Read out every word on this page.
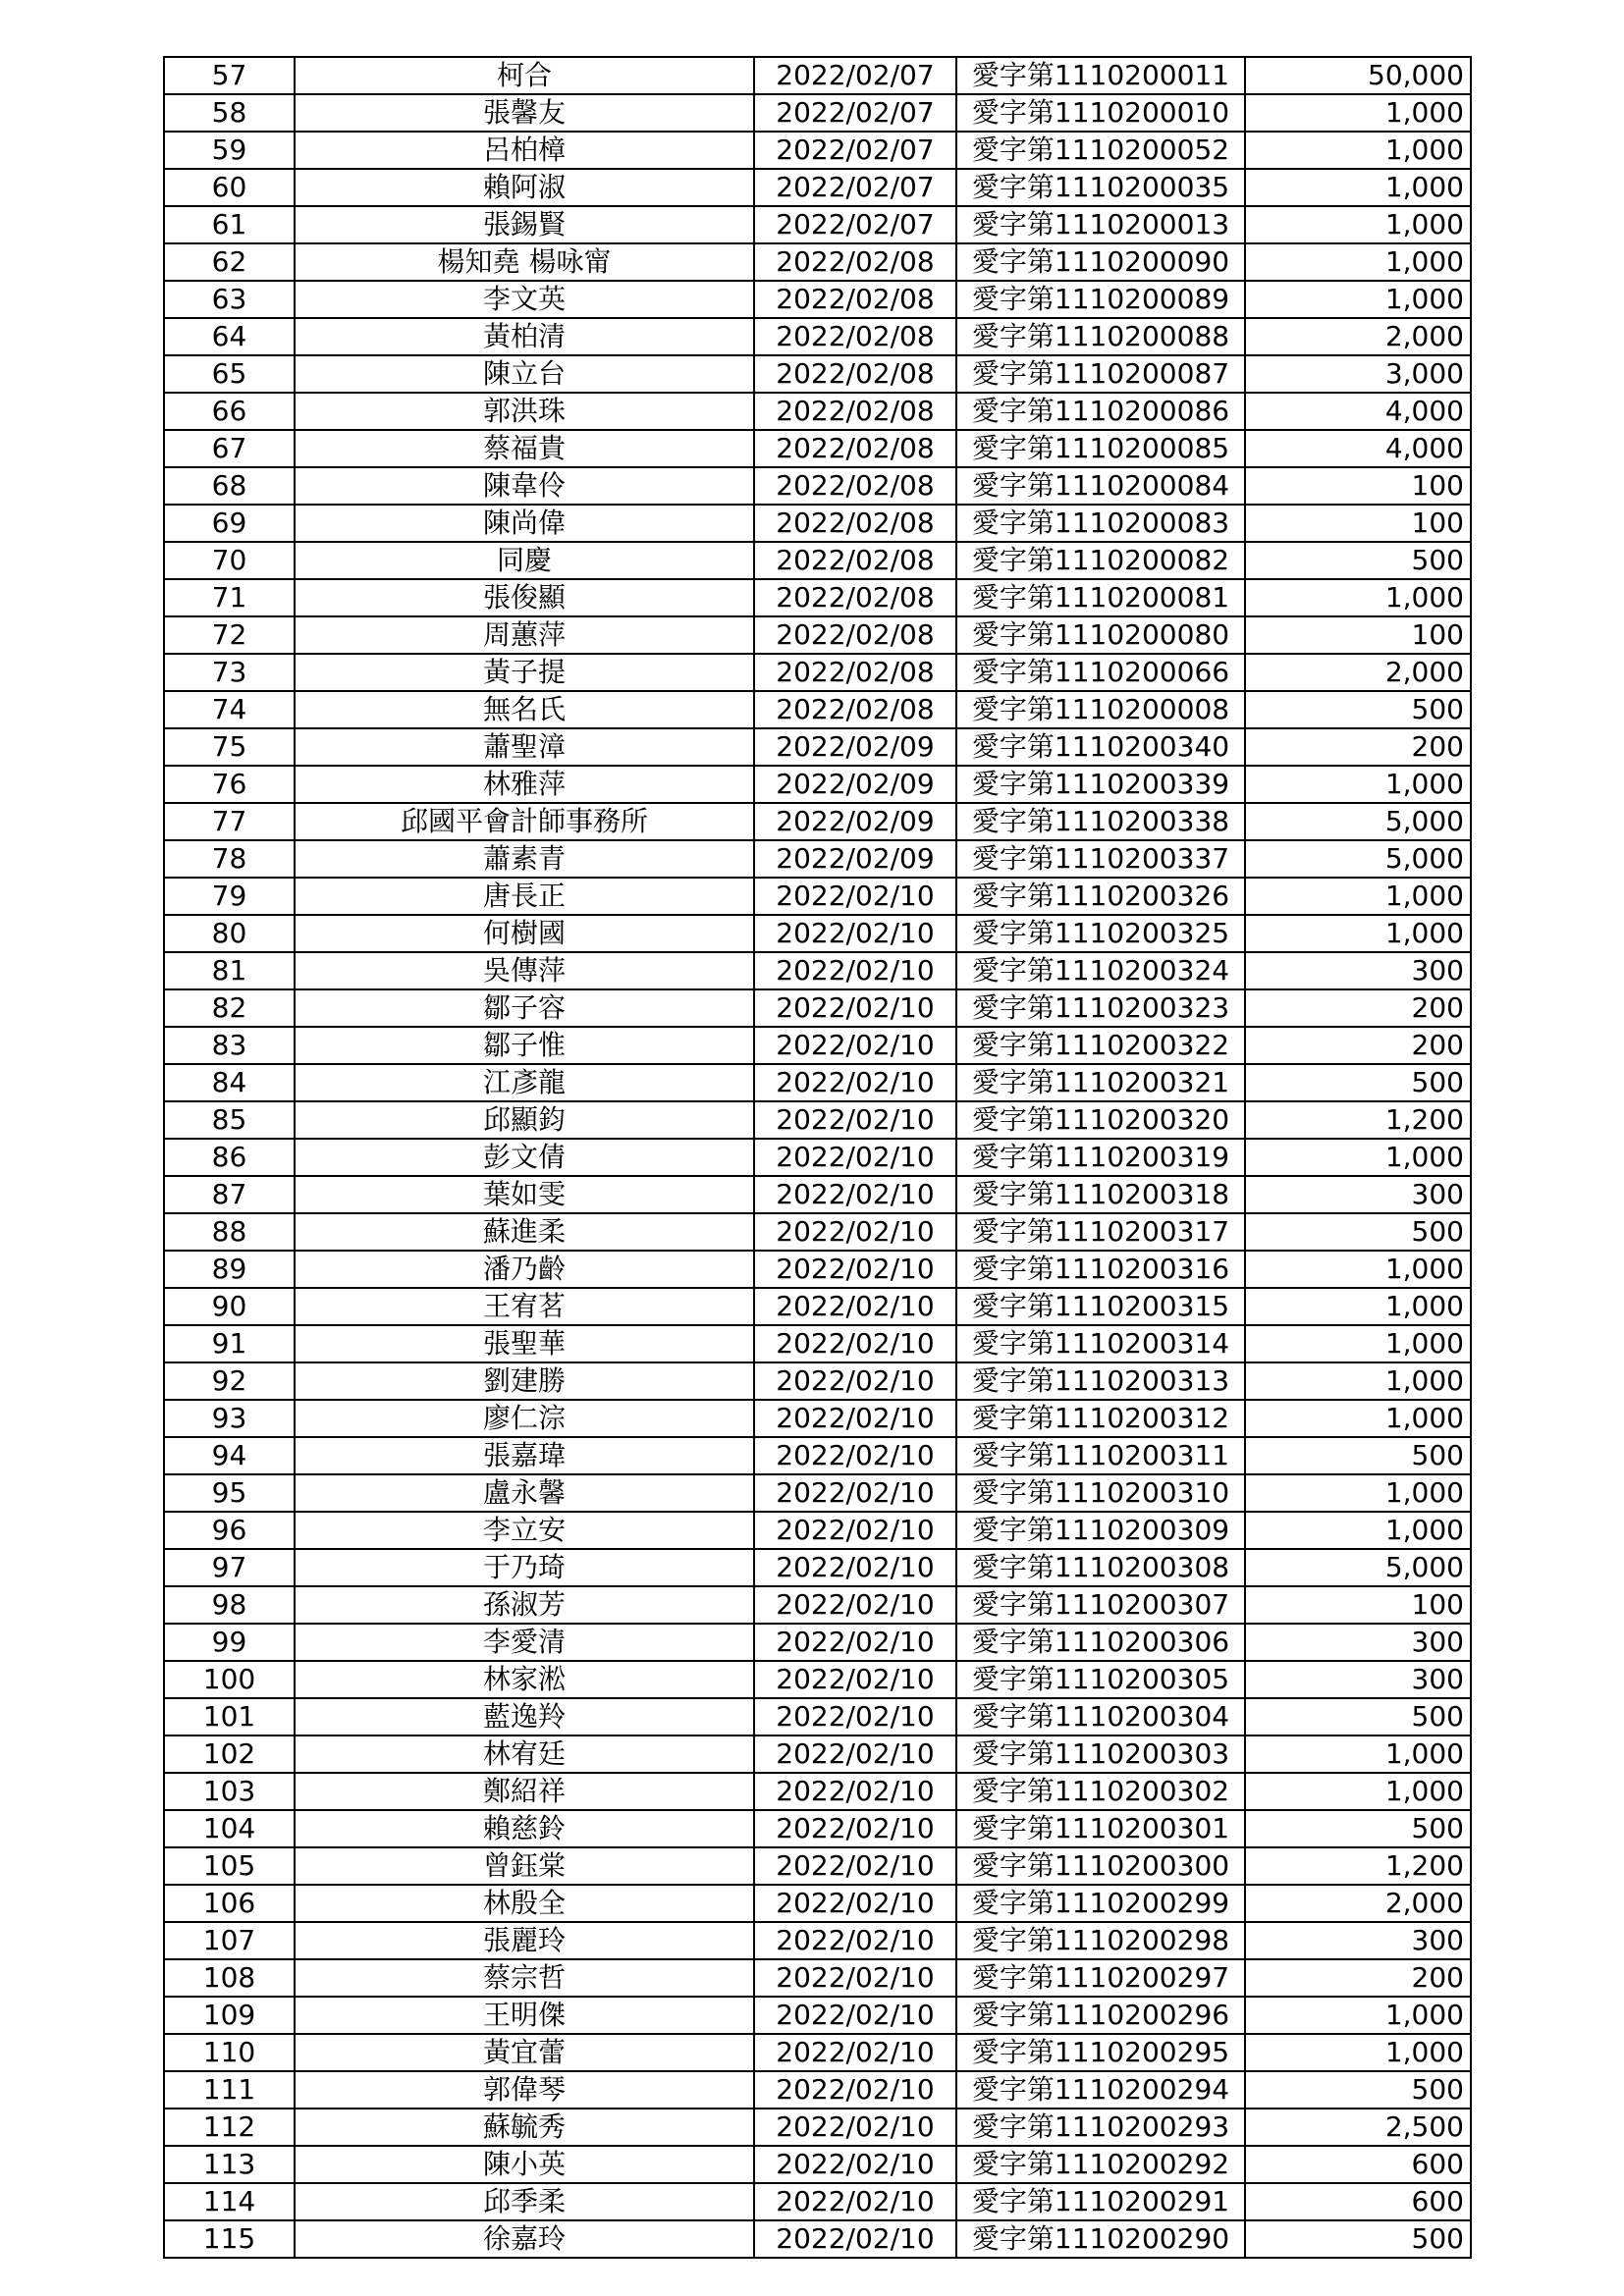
57	柯合	2022/02/07	愛字第1110200011	50,000
58	張馨友	2022/02/07	愛字第1110200010	1,000
59	呂柏樟	2022/02/07	愛字第1110200052	1,000
60	賴阿淑	2022/02/07	愛字第1110200035	1,000
61	張錫賢	2022/02/07	愛字第1110200013	1,000
62	楊知堯 楊咏甯	2022/02/08	愛字第1110200090	1,000
63	李文英	2022/02/08	愛字第1110200089	1,000
64	黃柏清	2022/02/08	愛字第1110200088	2,000
65	陳立台	2022/02/08	愛字第1110200087	3,000
66	郭洪珠	2022/02/08	愛字第1110200086	4,000
67	蔡福貴	2022/02/08	愛字第1110200085	4,000
68	陳韋伶	2022/02/08	愛字第1110200084	100
69	陳尚偉	2022/02/08	愛字第1110200083	100
70	同慶	2022/02/08	愛字第1110200082	500
71	張俊顯	2022/02/08	愛字第1110200081	1,000
72	周蕙萍	2022/02/08	愛字第1110200080	100
73	黃子提	2022/02/08	愛字第1110200066	2,000
74	無名氏	2022/02/08	愛字第1110200008	500
75	蕭聖漳	2022/02/09	愛字第1110200340	200
76	林雅萍	2022/02/09	愛字第1110200339	1,000
77	邱國平會計師事務所	2022/02/09	愛字第1110200338	5,000
78	蕭素青	2022/02/09	愛字第1110200337	5,000
79	唐長正	2022/02/10	愛字第1110200326	1,000
80	何樹國	2022/02/10	愛字第1110200325	1,000
81	吳傳萍	2022/02/10	愛字第1110200324	300
82	鄒子容	2022/02/10	愛字第1110200323	200
83	鄒子惟	2022/02/10	愛字第1110200322	200
84	江彥龍	2022/02/10	愛字第1110200321	500
85	邱顯鈞	2022/02/10	愛字第1110200320	1,200
86	彭文倩	2022/02/10	愛字第1110200319	1,000
87	葉如雯	2022/02/10	愛字第1110200318	300
88	蘇進柔	2022/02/10	愛字第1110200317	500
89	潘乃齡	2022/02/10	愛字第1110200316	1,000
90	王宥茗	2022/02/10	愛字第1110200315	1,000
91	張聖華	2022/02/10	愛字第1110200314	1,000
92	劉建勝	2022/02/10	愛字第1110200313	1,000
93	廖仁淙	2022/02/10	愛字第1110200312	1,000
94	張嘉瑋	2022/02/10	愛字第1110200311	500
95	盧永馨	2022/02/10	愛字第1110200310	1,000
96	李立安	2022/02/10	愛字第1110200309	1,000
97	于乃琦	2022/02/10	愛字第1110200308	5,000
98	孫淑芳	2022/02/10	愛字第1110200307	100
99	李愛清	2022/02/10	愛字第1110200306	300
100	林家淞	2022/02/10	愛字第1110200305	300
101	藍逸羚	2022/02/10	愛字第1110200304	500
102	林宥廷	2022/02/10	愛字第1110200303	1,000
103	鄭紹祥	2022/02/10	愛字第1110200302	1,000
104	賴慈鈴	2022/02/10	愛字第1110200301	500
105	曾鈺棠	2022/02/10	愛字第1110200300	1,200
106	林殷全	2022/02/10	愛字第1110200299	2,000
107	張麗玲	2022/02/10	愛字第1110200298	300
108	蔡宗哲	2022/02/10	愛字第1110200297	200
109	王明傑	2022/02/10	愛字第1110200296	1,000
110	黃宜蕾	2022/02/10	愛字第1110200295	1,000
111	郭偉琴	2022/02/10	愛字第1110200294	500
112	蘇毓秀	2022/02/10	愛字第1110200293	2,500
113	陳小英	2022/02/10	愛字第1110200292	600
114	邱季柔	2022/02/10	愛字第1110200291	600
115	徐嘉玲	2022/02/10	愛字第1110200290	500
